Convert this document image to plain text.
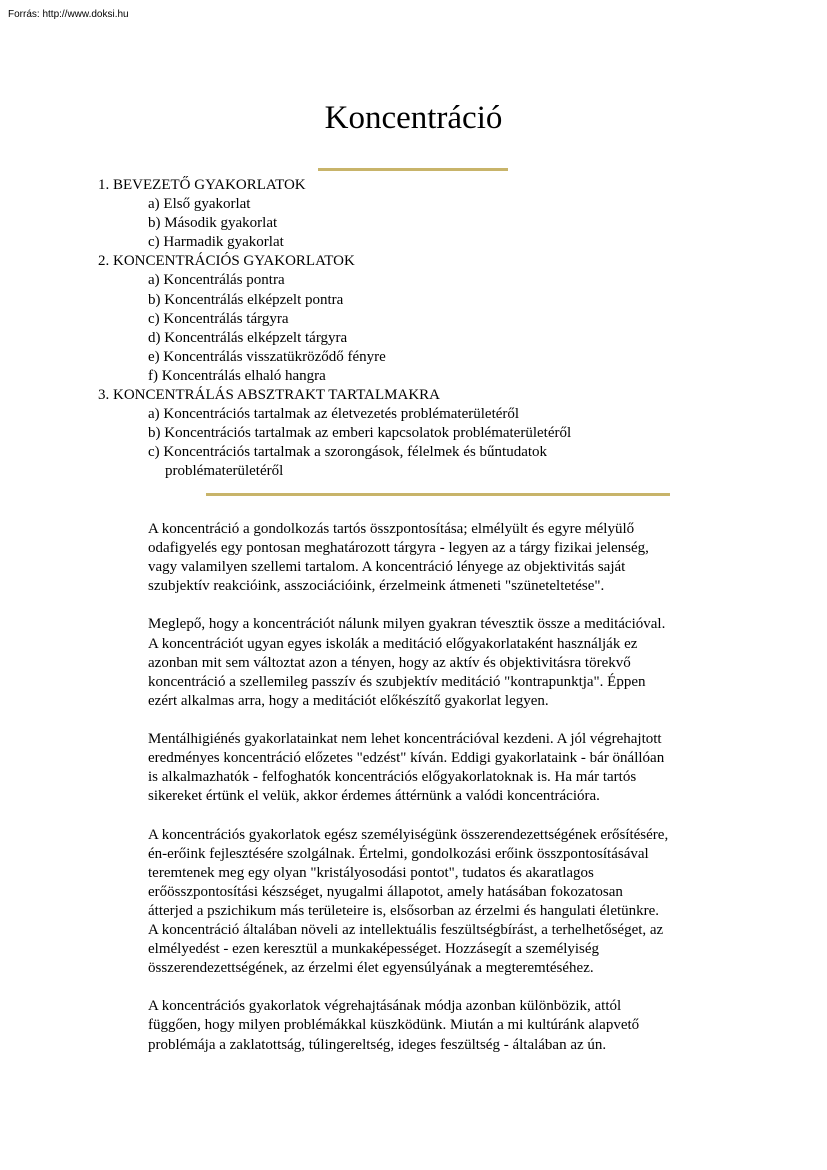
Forrás: http://www.doksi.hu
Koncentráció
1. BEVEZETŐ GYAKORLATOK
a) Első gyakorlat
b) Második gyakorlat
c) Harmadik gyakorlat
2. KONCENTRÁCIÓS GYAKORLATOK
a) Koncentrálás pontra
b) Koncentrálás elképzelt pontra
c) Koncentrálás tárgyra
d) Koncentrálás elképzelt tárgyra
e) Koncentrálás visszatükröződő fényre
f) Koncentrálás elhaló hangra
3. KONCENTRÁLÁS ABSZTRAKT TARTALMAKRA
a) Koncentrációs tartalmak az életvezetés problématerületéről
b) Koncentrációs tartalmak az emberi kapcsolatok problématerületéről
c) Koncentrációs tartalmak a szorongások, félelmek és bűntudatok
problématerületéről

A koncentráció a gondolkozás tartós összpontosítása; elmélyült és egyre mélyülő
odafigyelés egy pontosan meghatározott tárgyra - legyen az a tárgy fizikai jelenség,
vagy valamilyen szellemi tartalom. A koncentráció lényege az objektivitás saját
szubjektív reakcióink, asszociációink, érzelmeink átmeneti "szüneteltetése".

Meglepő, hogy a koncentrációt nálunk milyen gyakran tévesztik össze a meditációval.
A koncentrációt ugyan egyes iskolák a meditáció előgyakorlataként használják ez
azonban mit sem változtat azon a tényen, hogy az aktív és objektivitásra törekvő
koncentráció a szellemileg passzív és szubjektív meditáció "kontrapunktja". Éppen
ezért alkalmas arra, hogy a meditációt előkészítő gyakorlat legyen.

Mentálhigiénés gyakorlatainkat nem lehet koncentrációval kezdeni. A jól végrehajtott
eredményes koncentráció előzetes "edzést" kíván. Eddigi gyakorlataink - bár önállóan
is alkalmazhatók - felfoghatók koncentrációs előgyakorlatoknak is. Ha már tartós
sikereket értünk el velük, akkor érdemes áttérnünk a valódi koncentrációra.

A koncentrációs gyakorlatok egész személyiségünk összerendezettségének erősítésére,
én-erőink fejlesztésére szolgálnak. Értelmi, gondolkozási erőink összpontosításával
teremtenek meg egy olyan "kristályosodási pontot", tudatos és akaratlagos
erőösszpontosítási készséget, nyugalmi állapotot, amely hatásában fokozatosan
átterjed a pszichikum más területeire is, elsősorban az érzelmi és hangulati életünkre.
A koncentráció általában növeli az intellektuális feszültségbírást, a terhelhetőséget, az
elmélyedést - ezen keresztül a munkaképességet. Hozzásegít a személyiség
összerendezettségének, az érzelmi élet egyensúlyának a megteremtéséhez.

A koncentrációs gyakorlatok végrehajtásának módja azonban különbözik, attól
függően, hogy milyen problémákkal küszködünk. Miután a mi kultúránk alapvető
problémája a zaklatottság, túlingereltség, ideges feszültség - általában az ún.
